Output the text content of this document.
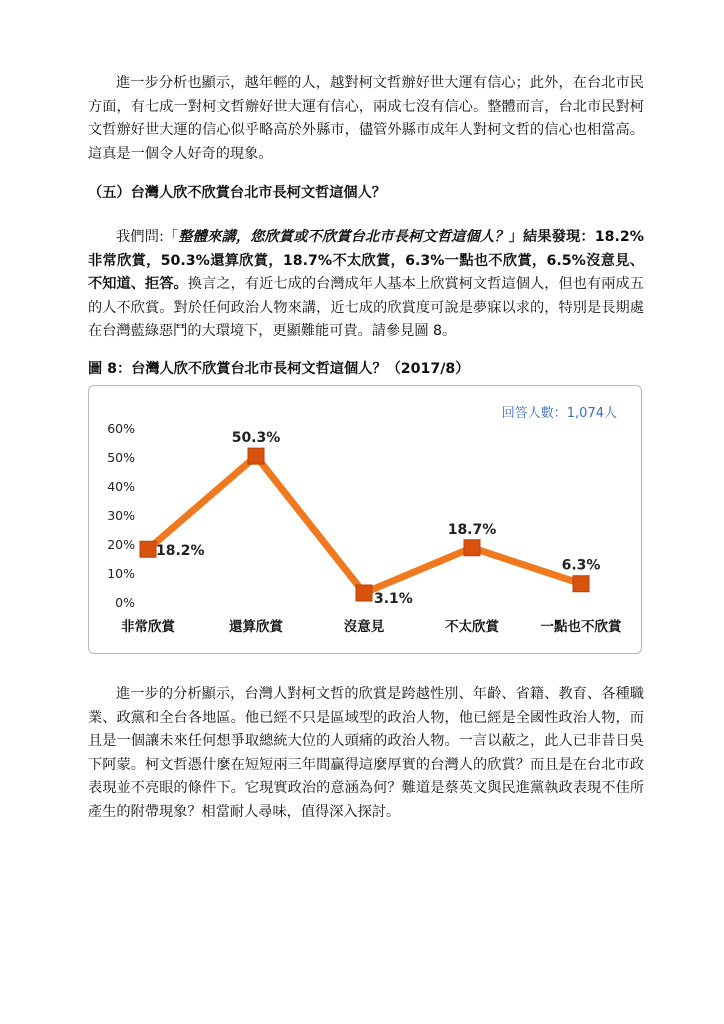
進一步分析也顯示，越年輕的人，越對柯文哲辦好世大運有信心；此外，在台北市民方面，有七成一對柯文哲辦好世大運有信心，兩成七沒有信心。整體而言，台北市民對柯文哲辦好世大運的信心似乎略高於外縣市，儘管外縣市成年人對柯文哲的信心也相當高。這真是一個令人好奇的現象。

（五）台灣人欣不欣賞台北市長柯文哲這個人？

我們問:「整體來講，您欣賞或不欣賞台北市長柯文哲這個人？」結果發現：18.2%非常欣賞，50.3%還算欣賞，18.7%不太欣賞，6.3%一點也不欣賞，6.5%沒意見、不知道、拒答。換言之，有近七成的台灣成年人基本上欣賞柯文哲這個人，但也有兩成五的人不欣賞。對於任何政治人物來講，近七成的欣賞度可說是夢寐以求的，特別是長期處在台灣藍綠惡鬥的大環境下，更顯難能可貴。請參見圖 8。

圖 8：台灣人欣不欣賞台北市長柯文哲這個人？（2017/8）

回答人數：1,074人
0%
10%
20%
30%
40%
50%
60%
非常欣賞	還算欣賞	沒意見	不太欣賞	一點也不欣賞
18.2%
50.3%
3.1%
18.7%
6.3%

進一步的分析顯示，台灣人對柯文哲的欣賞是跨越性別、年齡、省籍、教育、各種職業、政黨和全台各地區。他已經不只是區域型的政治人物，他已經是全國性政治人物，而且是一個讓未來任何想爭取總統大位的人頭痛的政治人物。一言以蔽之，此人已非昔日吳下阿蒙。柯文哲憑什麼在短短兩三年間贏得這麼厚實的台灣人的欣賞？而且是在台北市政表現並不亮眼的條件下。它現實政治的意涵為何？難道是蔡英文與民進黨執政表現不佳所產生的附帶現象？相當耐人尋味，值得深入探討。
